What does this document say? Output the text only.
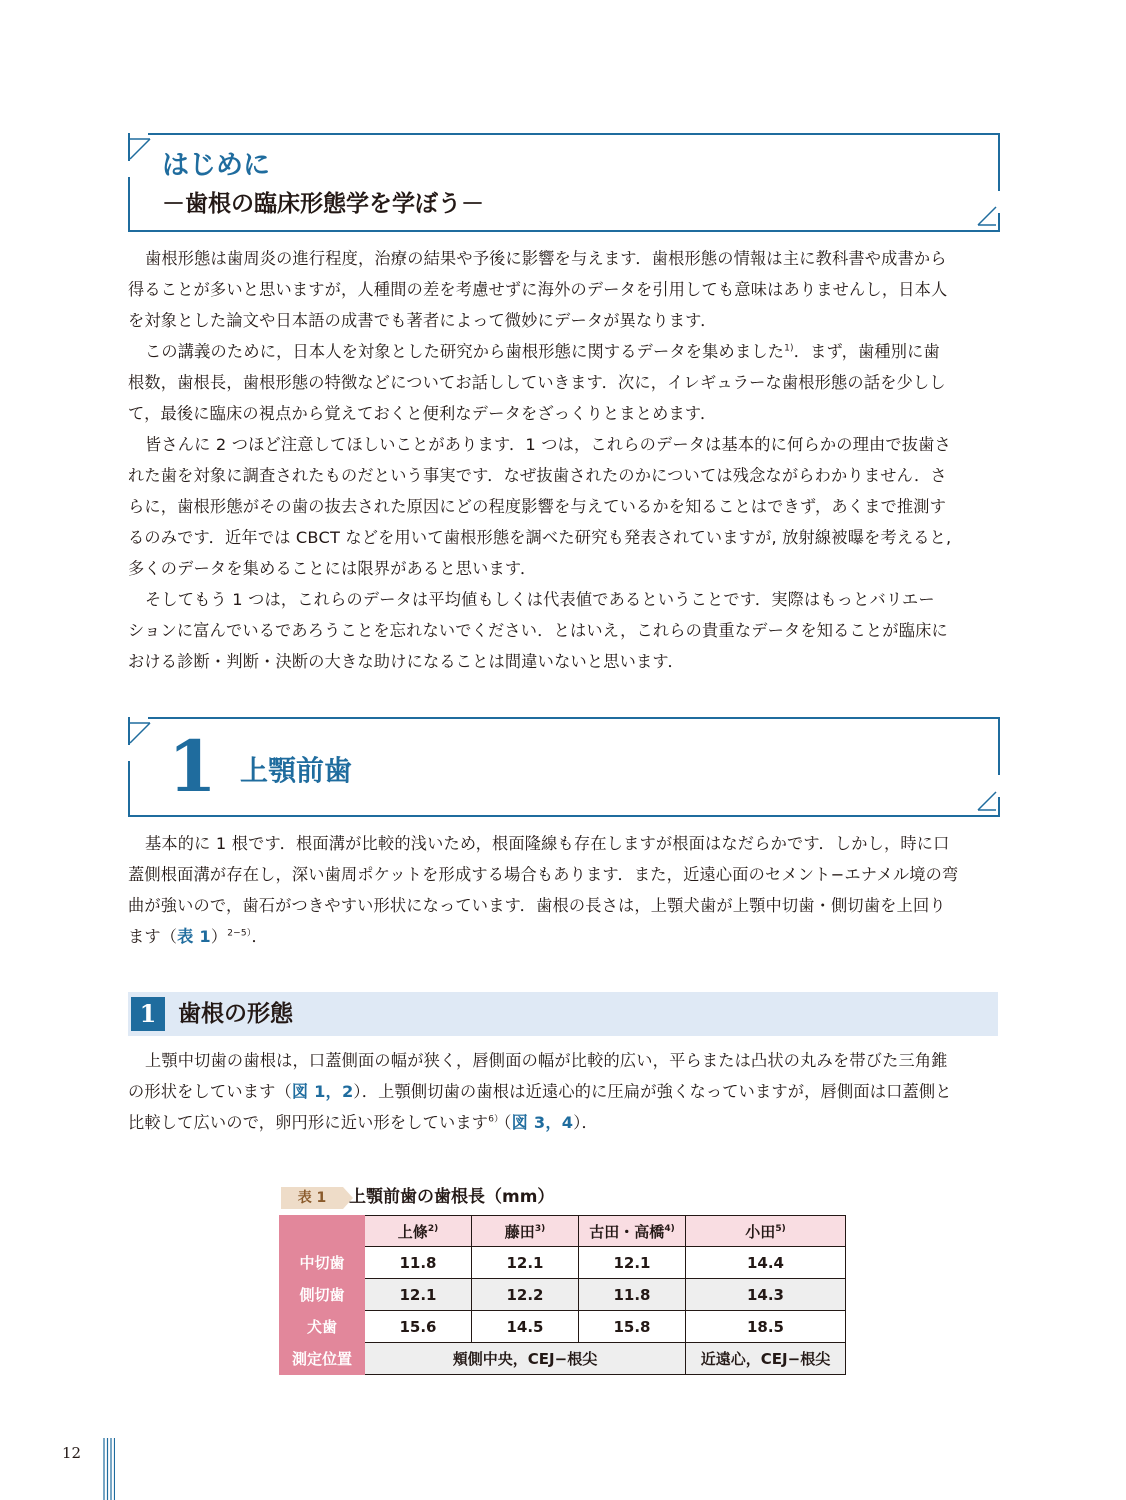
はじめに
－歯根の臨床形態学を学ぼう－

歯根形態は歯周炎の進行程度，治療の結果や予後に影響を与えます．歯根形態の情報は主に教科書や成書から
得ることが多いと思いますが，人種間の差を考慮せずに海外のデータを引用しても意味はありませんし，日本人
を対象とした論文や日本語の成書でも著者によって微妙にデータが異なります．

この講義のために，日本人を対象とした研究から歯根形態に関するデータを集めました$^{1)}$．まず，歯種別に歯
根数，歯根長，歯根形態の特徴などについてお話ししていきます．次に，イレギュラーな歯根形態の話を少しし
て，最後に臨床の視点から覚えておくと便利なデータをざっくりとまとめます．

皆さんに 2 つほど注意してほしいことがあります．1 つは，これらのデータは基本的に何らかの理由で抜歯さ
れた歯を対象に調査されたものだという事実です．なぜ抜歯されたのかについては残念ながらわかりません．さ
らに，歯根形態がその歯の抜去された原因にどの程度影響を与えているかを知ることはできず，あくまで推測す
るのみです．近年では CBCT などを用いて歯根形態を調べた研究も発表されていますが, 放射線被曝を考えると,
多くのデータを集めることには限界があると思います．

そしてもう 1 つは，これらのデータは平均値もしくは代表値であるということです．実際はもっとバリエー
ションに富んでいるであろうことを忘れないでください．とはいえ，これらの貴重なデータを知ることが臨床に
おける診断・判断・決断の大きな助けになることは間違いないと思います．

1 上顎前歯

基本的に 1 根です．根面溝が比較的浅いため，根面隆線も存在しますが根面はなだらかです．しかし，時に口
蓋側根面溝が存在し，深い歯周ポケットを形成する場合もあります．また，近遠心面のセメント−エナメル境の弯
曲が強いので，歯石がつきやすい形状になっています．歯根の長さは，上顎犬歯が上顎中切歯・側切歯を上回り
ます（表 1）$^{2-5)}$．

1 歯根の形態

上顎中切歯の歯根は，口蓋側面の幅が狭く，唇側面の幅が比較的広い，平らまたは凸状の丸みを帯びた三角錐
の形状をしています（図 1，2）．上顎側切歯の歯根は近遠心的に圧扁が強くなっていますが，唇側面は口蓋側と
比較して広いので，卵円形に近い形をしています$^{6)}$（図 3，4）．

表 1	上顎前歯の歯根長（mm）
	上條$^{2)}$	藤田$^{3)}$	古田・高橋$^{4)}$	小田$^{5)}$
中切歯	11.8	12.1	12.1	14.4
側切歯	12.1	12.2	11.8	14.3
犬歯	15.6	14.5	15.8	18.5
測定位置	頬側中央，CEJ−根尖			近遠心，CEJ−根尖
12
